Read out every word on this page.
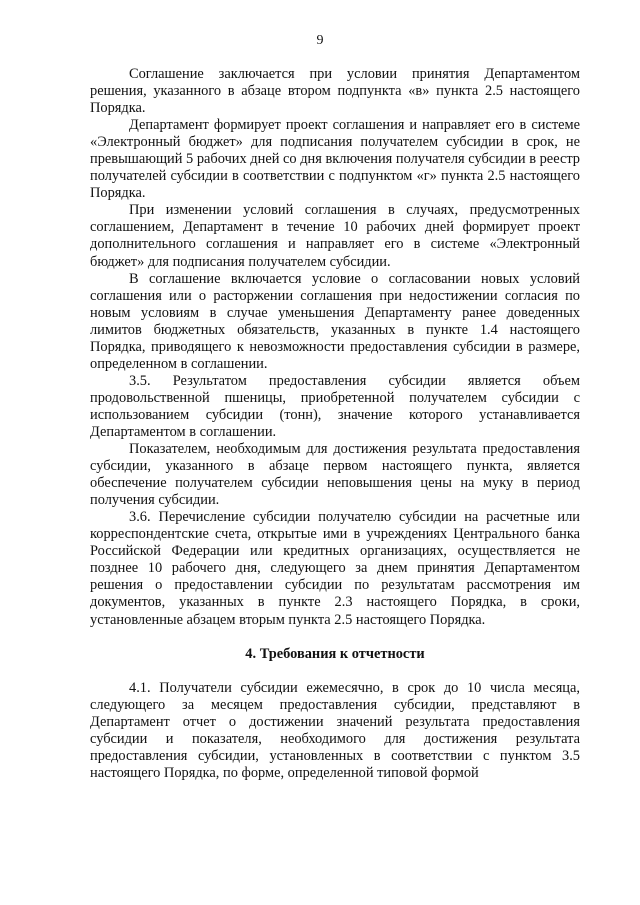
9

Соглашение заключается при условии принятия Департаментом решения, указанного в абзаце втором подпункта «в» пункта 2.5 настоящего Порядка.

Департамент формирует проект соглашения и направляет его в системе «Электронный бюджет» для подписания получателем субсидии в срок, не превышающий 5 рабочих дней со дня включения получателя субсидии в реестр получателей субсидии в соответствии с подпунктом «г» пункта 2.5 настоящего Порядка.

При изменении условий соглашения в случаях, предусмотренных соглашением, Департамент в течение 10 рабочих дней формирует проект дополнительного соглашения и направляет его в системе «Электронный бюджет» для подписания получателем субсидии.

В соглашение включается условие о согласовании новых условий соглашения или о расторжении соглашения при недостижении согласия по новым условиям в случае уменьшения Департаменту ранее доведенных лимитов бюджетных обязательств, указанных в пункте 1.4 настоящего Порядка, приводящего к невозможности предоставления субсидии в размере, определенном в соглашении.

3.5. Результатом предоставления субсидии является объем продовольственной пшеницы, приобретенной получателем субсидии с использованием субсидии (тонн), значение которого устанавливается Департаментом в соглашении.

Показателем, необходимым для достижения результата предоставления субсидии, указанного в абзаце первом настоящего пункта, является обеспечение получателем субсидии неповышения цены на муку в период получения субсидии.

3.6. Перечисление субсидии получателю субсидии на расчетные или корреспондентские счета, открытые ими в учреждениях Центрального банка Российской Федерации или кредитных организациях, осуществляется не позднее 10 рабочего дня, следующего за днем принятия Департаментом решения о предоставлении субсидии по результатам рассмотрения им документов, указанных в пункте 2.3 настоящего Порядка, в сроки, установленные абзацем вторым пункта 2.5 настоящего Порядка.

4. Требования к отчетности

4.1. Получатели субсидии ежемесячно, в срок до 10 числа месяца, следующего за месяцем предоставления субсидии, представляют в Департамент отчет о достижении значений результата предоставления субсидии и показателя, необходимого для достижения результата предоставления субсидии, установленных в соответствии с пунктом 3.5 настоящего Порядка, по форме, определенной типовой формой
